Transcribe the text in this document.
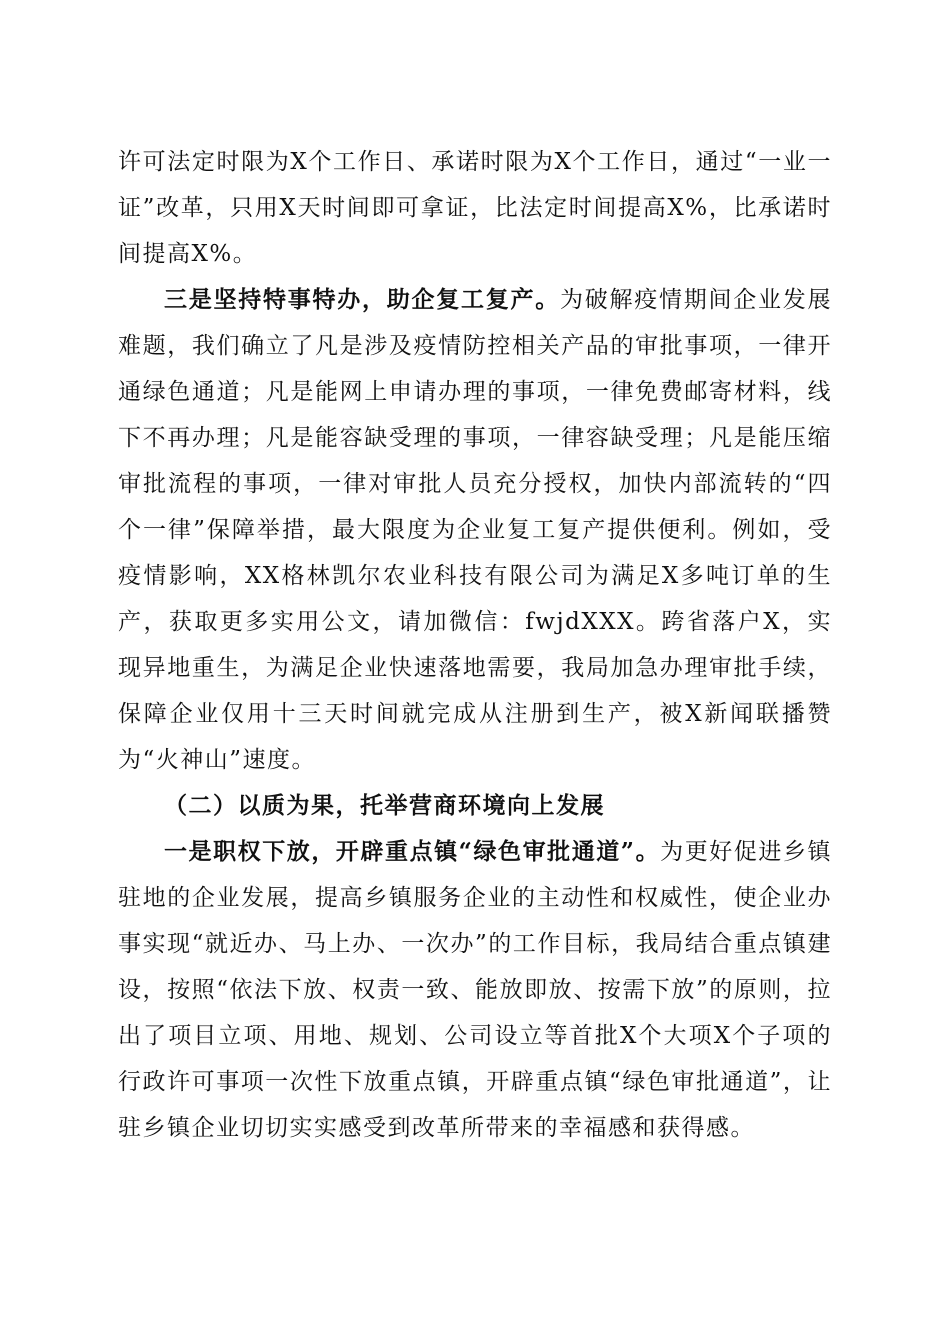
许可法定时限为X个工作日、承诺时限为X个工作日，通过“一业一证”改革，只用X天时间即可拿证，比法定时间提高X%，比承诺时间提高X%。

三是坚持特事特办，助企复工复产。为破解疫情期间企业发展难题，我们确立了凡是涉及疫情防控相关产品的审批事项，一律开通绿色通道；凡是能网上申请办理的事项，一律免费邮寄材料，线下不再办理；凡是能容缺受理的事项，一律容缺受理；凡是能压缩审批流程的事项，一律对审批人员充分授权，加快内部流转的“四个一律”保障举措，最大限度为企业复工复产提供便利。例如，受疫情影响，XX格林凯尔农业科技有限公司为满足X多吨订单的生产，获取更多实用公文，请加微信：fwjdXXX。跨省落户X，实现异地重生，为满足企业快速落地需要，我局加急办理审批手续，保障企业仅用十三天时间就完成从注册到生产，被X新闻联播赞为“火神山”速度。

（二）以质为果，托举营商环境向上发展

一是职权下放，开辟重点镇“绿色审批通道”。为更好促进乡镇驻地的企业发展，提高乡镇服务企业的主动性和权威性，使企业办事实现“就近办、马上办、一次办”的工作目标，我局结合重点镇建设，按照“依法下放、权责一致、能放即放、按需下放”的原则，拉出了项目立项、用地、规划、公司设立等首批X个大项X个子项的行政许可事项一次性下放重点镇，开辟重点镇“绿色审批通道”，让驻乡镇企业切切实实感受到改革所带来的幸福感和获得感。
